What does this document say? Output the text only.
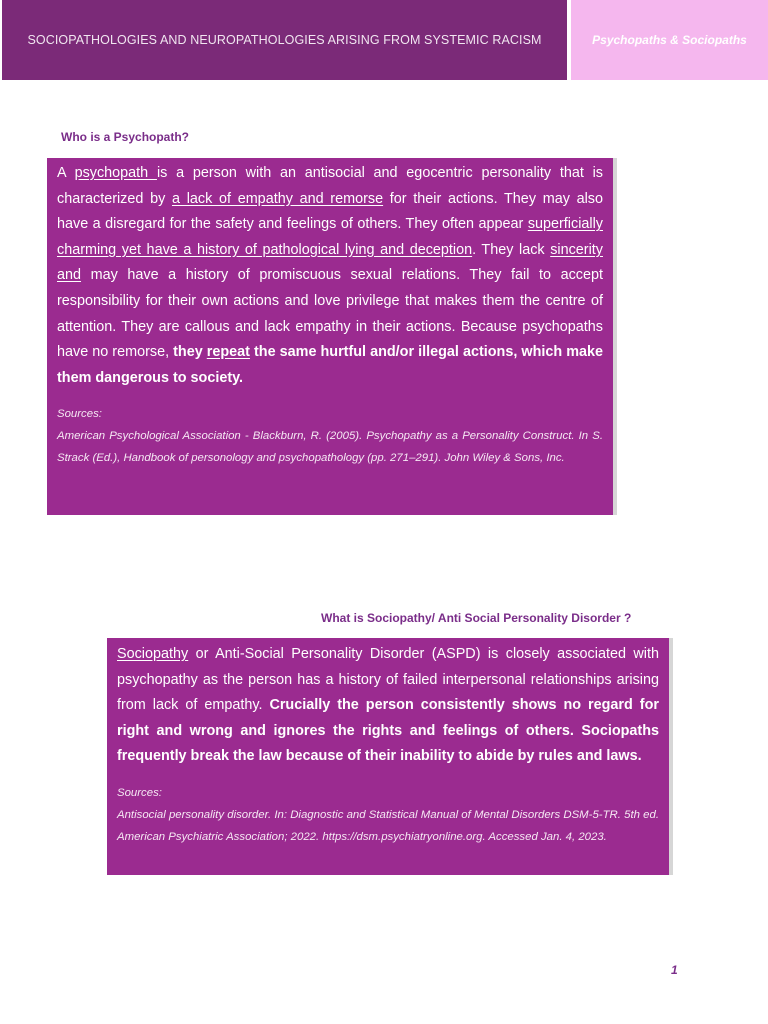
SOCIOPATHOLOGIES AND NEUROPATHOLOGIES ARISING FROM SYSTEMIC RACISM	Psychopaths & Sociopaths
Who is a Psychopath?

A psychopath is a person with an antisocial and egocentric personality that is characterized by a lack of empathy and remorse for their actions. They may also have a disregard for the safety and feelings of others. They often appear superficially charming yet have a history of pathological lying and deception. They lack sincerity and may have a history of promiscuous sexual relations. They fail to accept responsibility for their own actions and love privilege that makes them the centre of attention. They are callous and lack empathy in their actions. Because psychopaths have no remorse, they repeat the same hurtful and/or illegal actions, which make them dangerous to society.

Sources:
American Psychological Association - Blackburn, R. (2005). Psychopathy as a Personality Construct. In S. Strack (Ed.), Handbook of personology and psychopathology (pp. 271–291). John Wiley & Sons, Inc.
What is Sociopathy/ Anti Social Personality Disorder ?

Sociopathy or Anti-Social Personality Disorder (ASPD) is closely associated with psychopathy as the person has a history of failed interpersonal relationships arising from lack of empathy. Crucially the person consistently shows no regard for right and wrong and ignores the rights and feelings of others. Sociopaths frequently break the law because of their inability to abide by rules and laws.

Sources:
Antisocial personality disorder. In: Diagnostic and Statistical Manual of Mental Disorders DSM-5-TR. 5th ed. American Psychiatric Association; 2022. https://dsm.psychiatryonline.org. Accessed Jan. 4, 2023.
1
